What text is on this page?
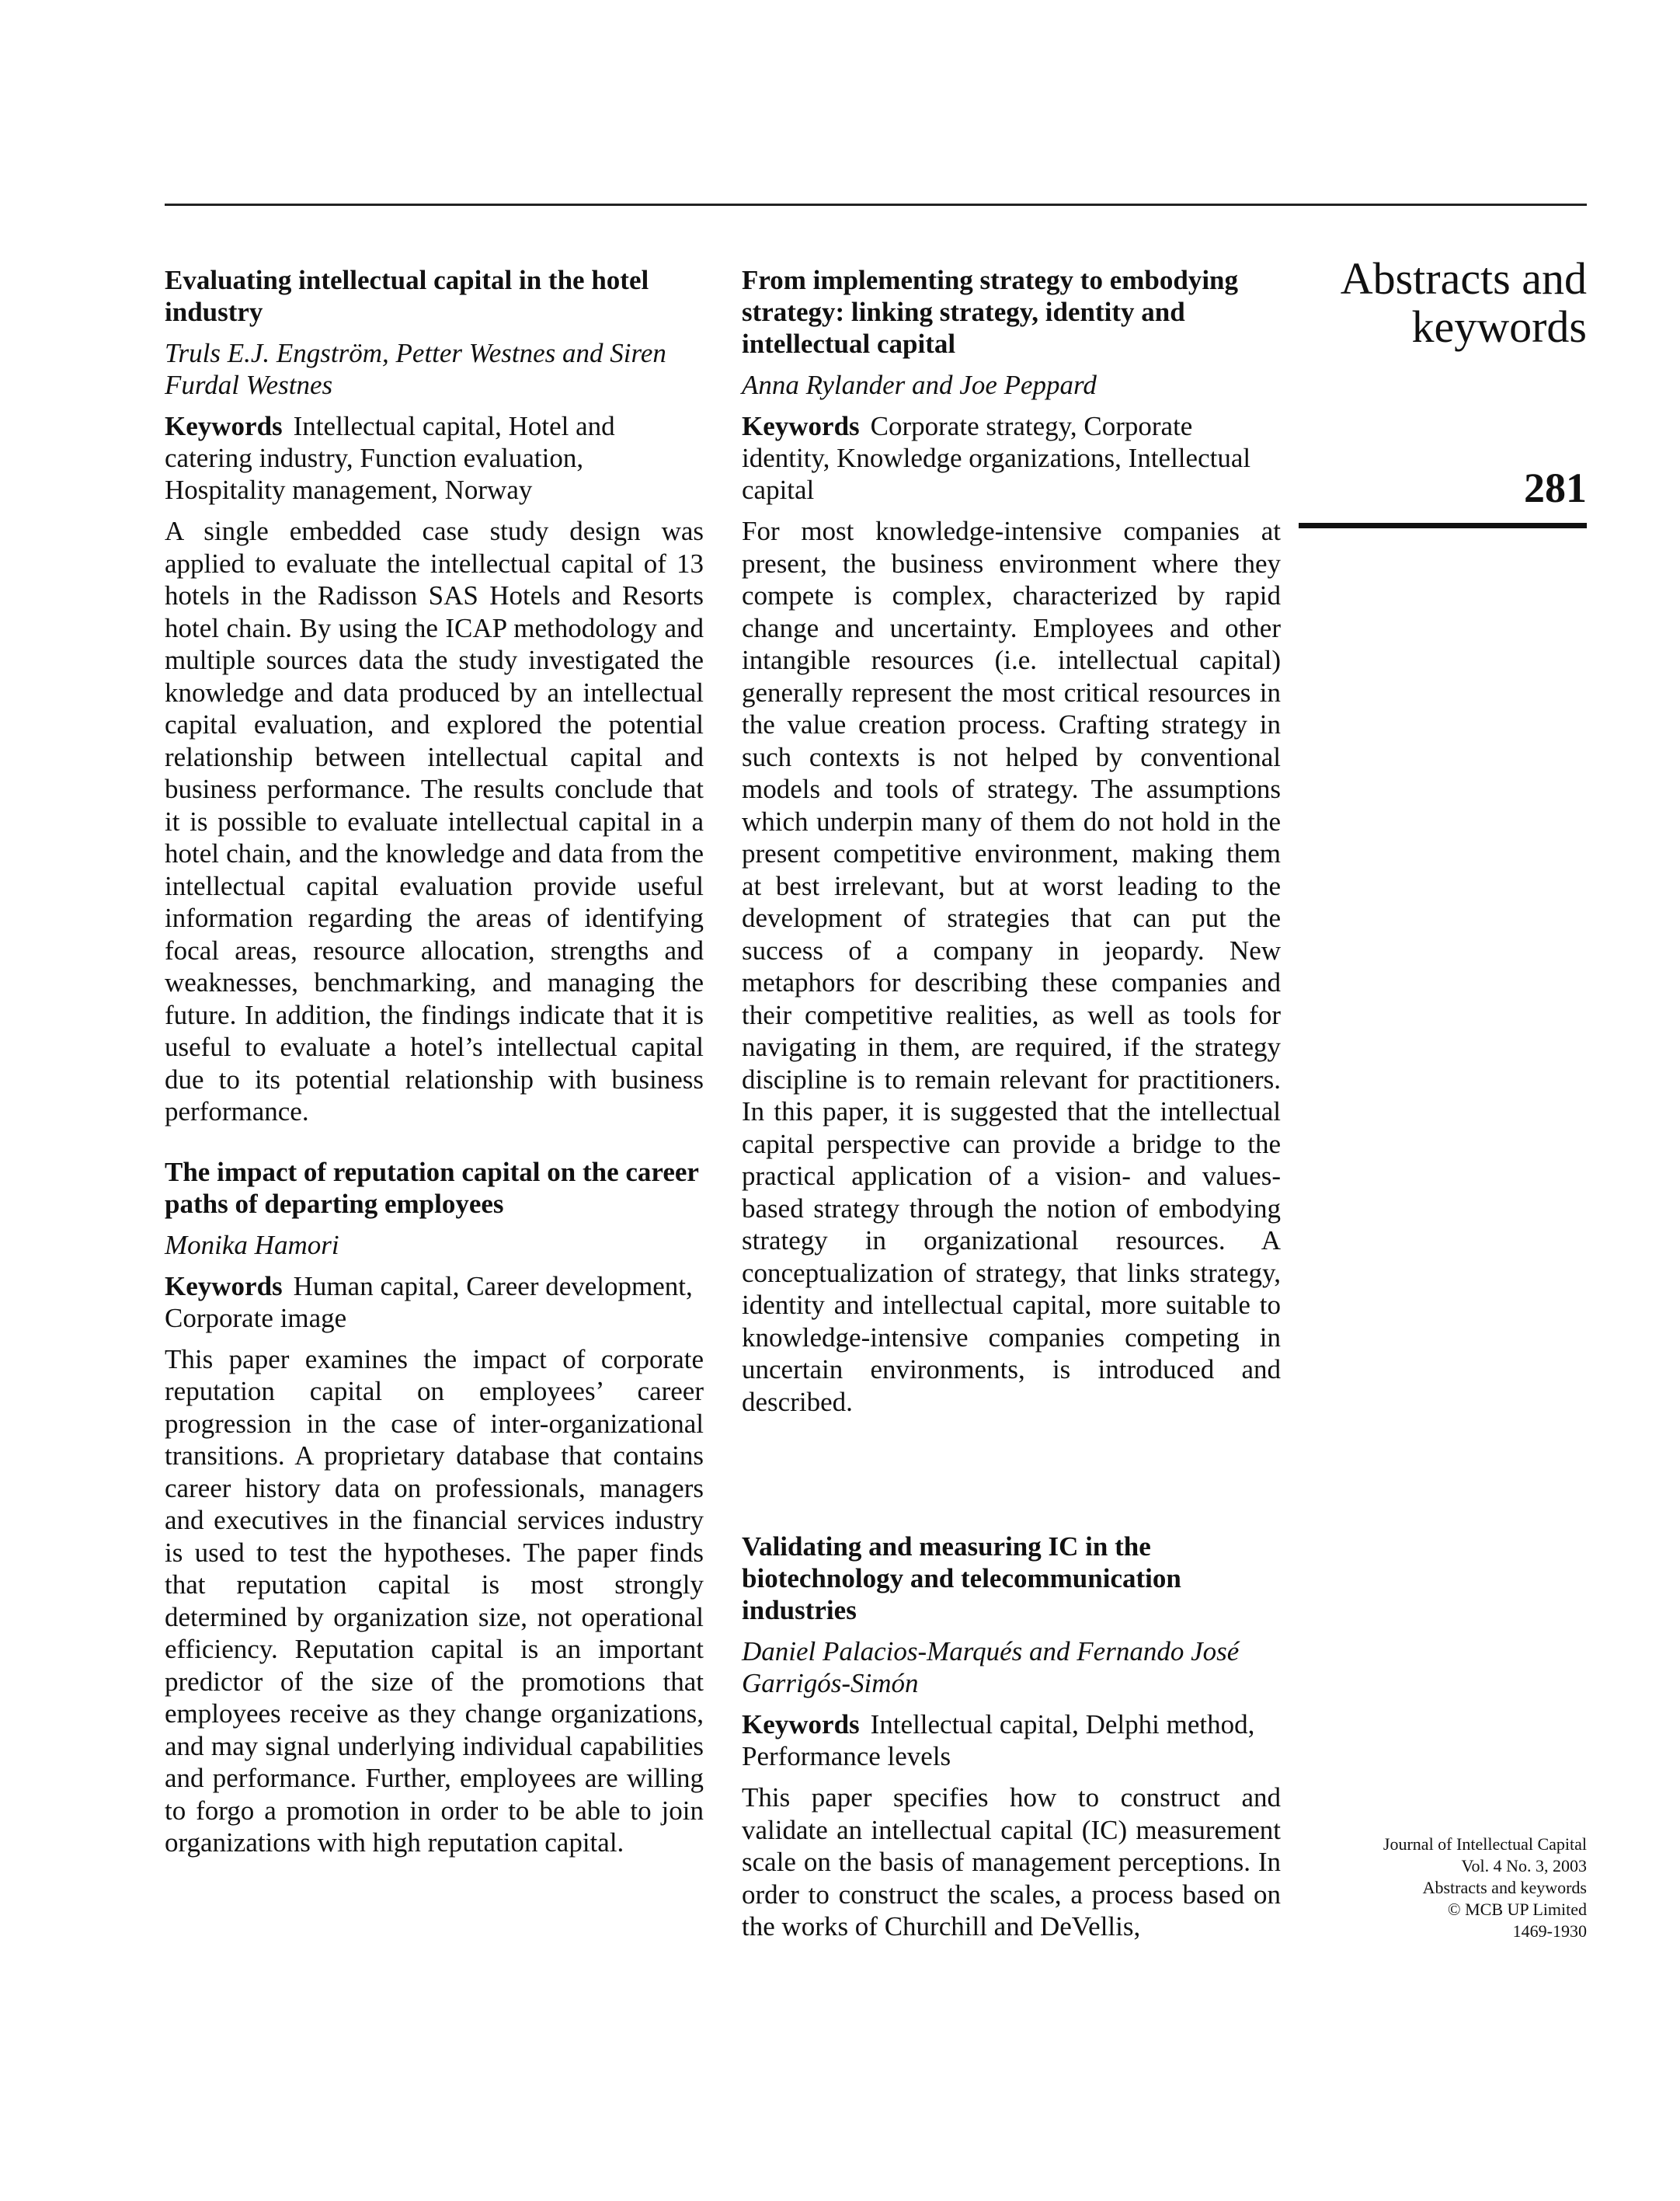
Evaluating intellectual capital in the hotel industry

Truls E.J. Engström, Petter Westnes and Siren Furdal Westnes

Keywords Intellectual capital, Hotel and catering industry, Function evaluation, Hospitality management, Norway

A single embedded case study design was applied to evaluate the intellectual capital of 13 hotels in the Radisson SAS Hotels and Resorts hotel chain. By using the ICAP methodology and multiple sources data the study investigated the knowledge and data produced by an intellectual capital evaluation, and explored the potential relationship between intellectual capital and business performance. The results conclude that it is possible to evaluate intellectual capital in a hotel chain, and the knowledge and data from the intellectual capital evaluation provide useful information regarding the areas of identifying focal areas, resource allocation, strengths and weaknesses, benchmarking, and managing the future. In addition, the findings indicate that it is useful to evaluate a hotel’s intellectual capital due to its potential relationship with business performance.

The impact of reputation capital on the career paths of departing employees

Monika Hamori

Keywords Human capital, Career development, Corporate image

This paper examines the impact of corporate reputation capital on employees’ career progression in the case of inter-organizational transitions. A proprietary database that contains career history data on professionals, managers and executives in the financial services industry is used to test the hypotheses. The paper finds that reputation capital is most strongly determined by organization size, not operational efficiency. Reputation capital is an important predictor of the size of the promotions that employees receive as they change organizations, and may signal underlying individual capabilities and performance. Further, employees are willing to forgo a promotion in order to be able to join organizations with high reputation capital.

From implementing strategy to embodying strategy: linking strategy, identity and intellectual capital

Anna Rylander and Joe Peppard

Keywords Corporate strategy, Corporate identity, Knowledge organizations, Intellectual capital

For most knowledge-intensive companies at present, the business environment where they compete is complex, characterized by rapid change and uncertainty. Employees and other intangible resources (i.e. intellectual capital) generally represent the most critical resources in the value creation process. Crafting strategy in such contexts is not helped by conventional models and tools of strategy. The assumptions which underpin many of them do not hold in the present competitive environment, making them at best irrelevant, but at worst leading to the development of strategies that can put the success of a company in jeopardy. New metaphors for describing these companies and their competitive realities, as well as tools for navigating in them, are required, if the strategy discipline is to remain relevant for practitioners. In this paper, it is suggested that the intellectual capital perspective can provide a bridge to the practical application of a vision- and values-based strategy through the notion of embodying strategy in organizational resources. A conceptualization of strategy, that links strategy, identity and intellectual capital, more suitable to knowledge-intensive companies competing in uncertain environments, is introduced and described.

Validating and measuring IC in the biotechnology and telecommunication industries

Daniel Palacios-Marqués and Fernando José Garrigós-Simón

Keywords Intellectual capital, Delphi method, Performance levels

This paper specifies how to construct and validate an intellectual capital (IC) measurement scale on the basis of management perceptions. In order to construct the scales, a process based on the works of Churchill and DeVellis,

Abstracts and
keywords
281
Journal of Intellectual Capital
Vol. 4 No. 3, 2003
Abstracts and keywords
© MCB UP Limited
1469-1930
